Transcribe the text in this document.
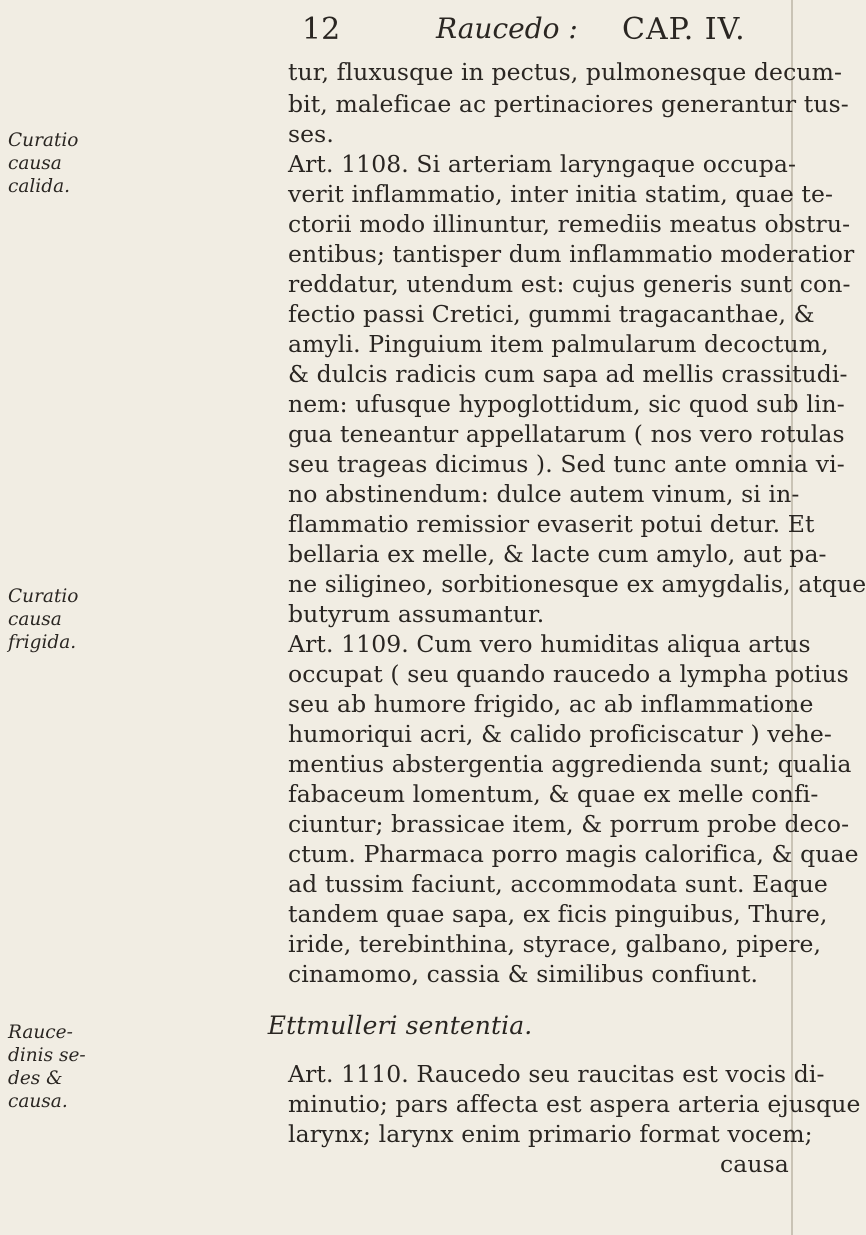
12	Raucedo : CAP. IV.
Curatio
causa
calida.
Curatio
causa
frigida.
Rauce-
dinis se-
des &
causa.
tur, fluxusque in pectus, pulmonesque decum-
bit, maleficae ac pertinaciores generantur tus-
ses.
Art. 1108. Si arteriam laryngaque occupa-
verit inflammatio, inter initia statim, quae te-
ctorii modo illinuntur, remediis meatus obstru-
entibus; tantisper dum inflammatio moderatior
reddatur, utendum est: cujus generis sunt con-
fectio passi Cretici, gummi tragacanthae, &
amyli. Pinguium item palmularum decoctum,
& dulcis radicis cum sapa ad mellis crassitudi-
nem: ufusque hypoglottidum, sic quod sub lin-
gua teneantur appellatarum ( nos vero rotulas
seu trageas dicimus ). Sed tunc ante omnia vi-
no abstinendum: dulce autem vinum, si in-
flammatio remissior evaserit potui detur. Et
bellaria ex melle, & lacte cum amylo, aut pa-
ne siligineo, sorbitionesque ex amygdalis, atque
butyrum assumantur.
Art. 1109. Cum vero humiditas aliqua artus
occupat ( seu quando raucedo a lympha potius
seu ab humore frigido, ac ab inflammatione
humoriqui acri, & calido proficiscatur ) vehe-
mentius abstergentia aggredienda sunt; qualia
fabaceum lomentum, & quae ex melle confi-
ciuntur; brassicae item, & porrum probe deco-
ctum. Pharmaca porro magis calorifica, & quae
ad tussim faciunt, accommodata sunt. Eaque
tandem quae sapa, ex ficis pinguibus, Thure,
iride, terebinthina, styrace, galbano, pipere,
cinamomo, cassia & similibus confiunt.
Ettmulleri sententia.
Art. 1110. Raucedo seu raucitas est vocis di-
minutio; pars affecta est aspera arteria ejusque
larynx; larynx enim primario format vocem;
causa
